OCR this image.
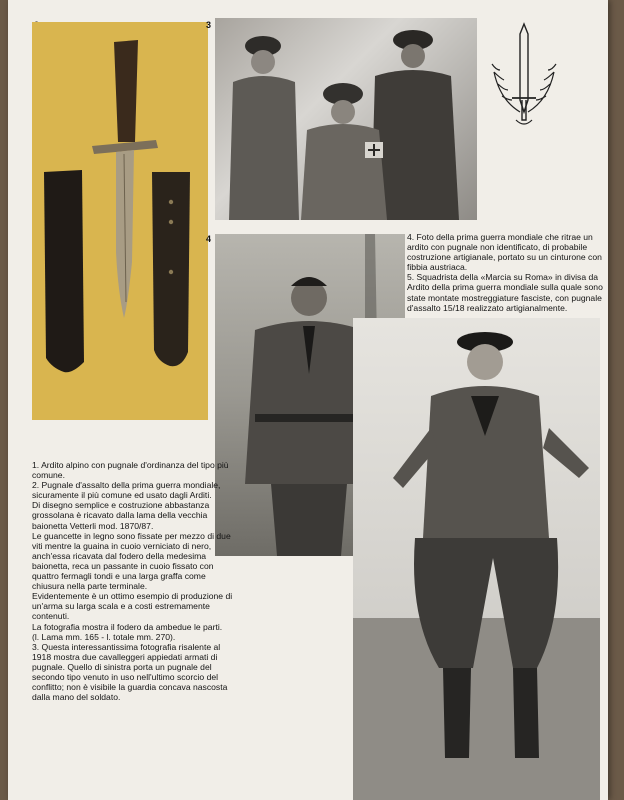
3
4

1. Ardito alpino con pugnale d'ordinanza del tipo più comune.

2. Pugnale d'assalto della prima guerra mondiale, sicuramente il più comune ed usato dagli Arditi.

Di disegno semplice e costruzione abbastanza grossolana è ricavato dalla lama della vecchia baionetta Vetterli mod. 1870/87.

Le guancette in legno sono fissate per mezzo di due viti mentre la guaina in cuoio verniciato di nero, anch'essa ricavata dal fodero della medesima baionetta, reca un passante in cuoio fissato con quattro fermagli tondi e una larga graffa come chiusura nella parte terminale.

Evidentemente è un ottimo esempio di produzione di un'arma su larga scala e a costi estremamente contenuti.

La fotografia mostra il fodero da ambedue le parti.

(l. Lama mm. 165 - l. totale mm. 270).

3. Questa interessantissima fotografia risalente al 1918 mostra due cavalleggeri appiedati armati di pugnale. Quello di sinistra porta un pugnale del secondo tipo venuto in uso nell'ultimo scorcio del conflitto; non è visibile la guardia concava nascosta dalla mano del soldato.

4. Foto della prima guerra mondiale che ritrae un ardito con pugnale non identificato, di probabile costruzione artigianale, portato su un cinturone con fibbia austriaca.

5. Squadrista della «Marcia su Roma» in divisa da Ardito della prima guerra mondiale sulla quale sono state montate mostreggiature fasciste, con pugnale d'assalto 15/18 realizzato artigianalmente.
